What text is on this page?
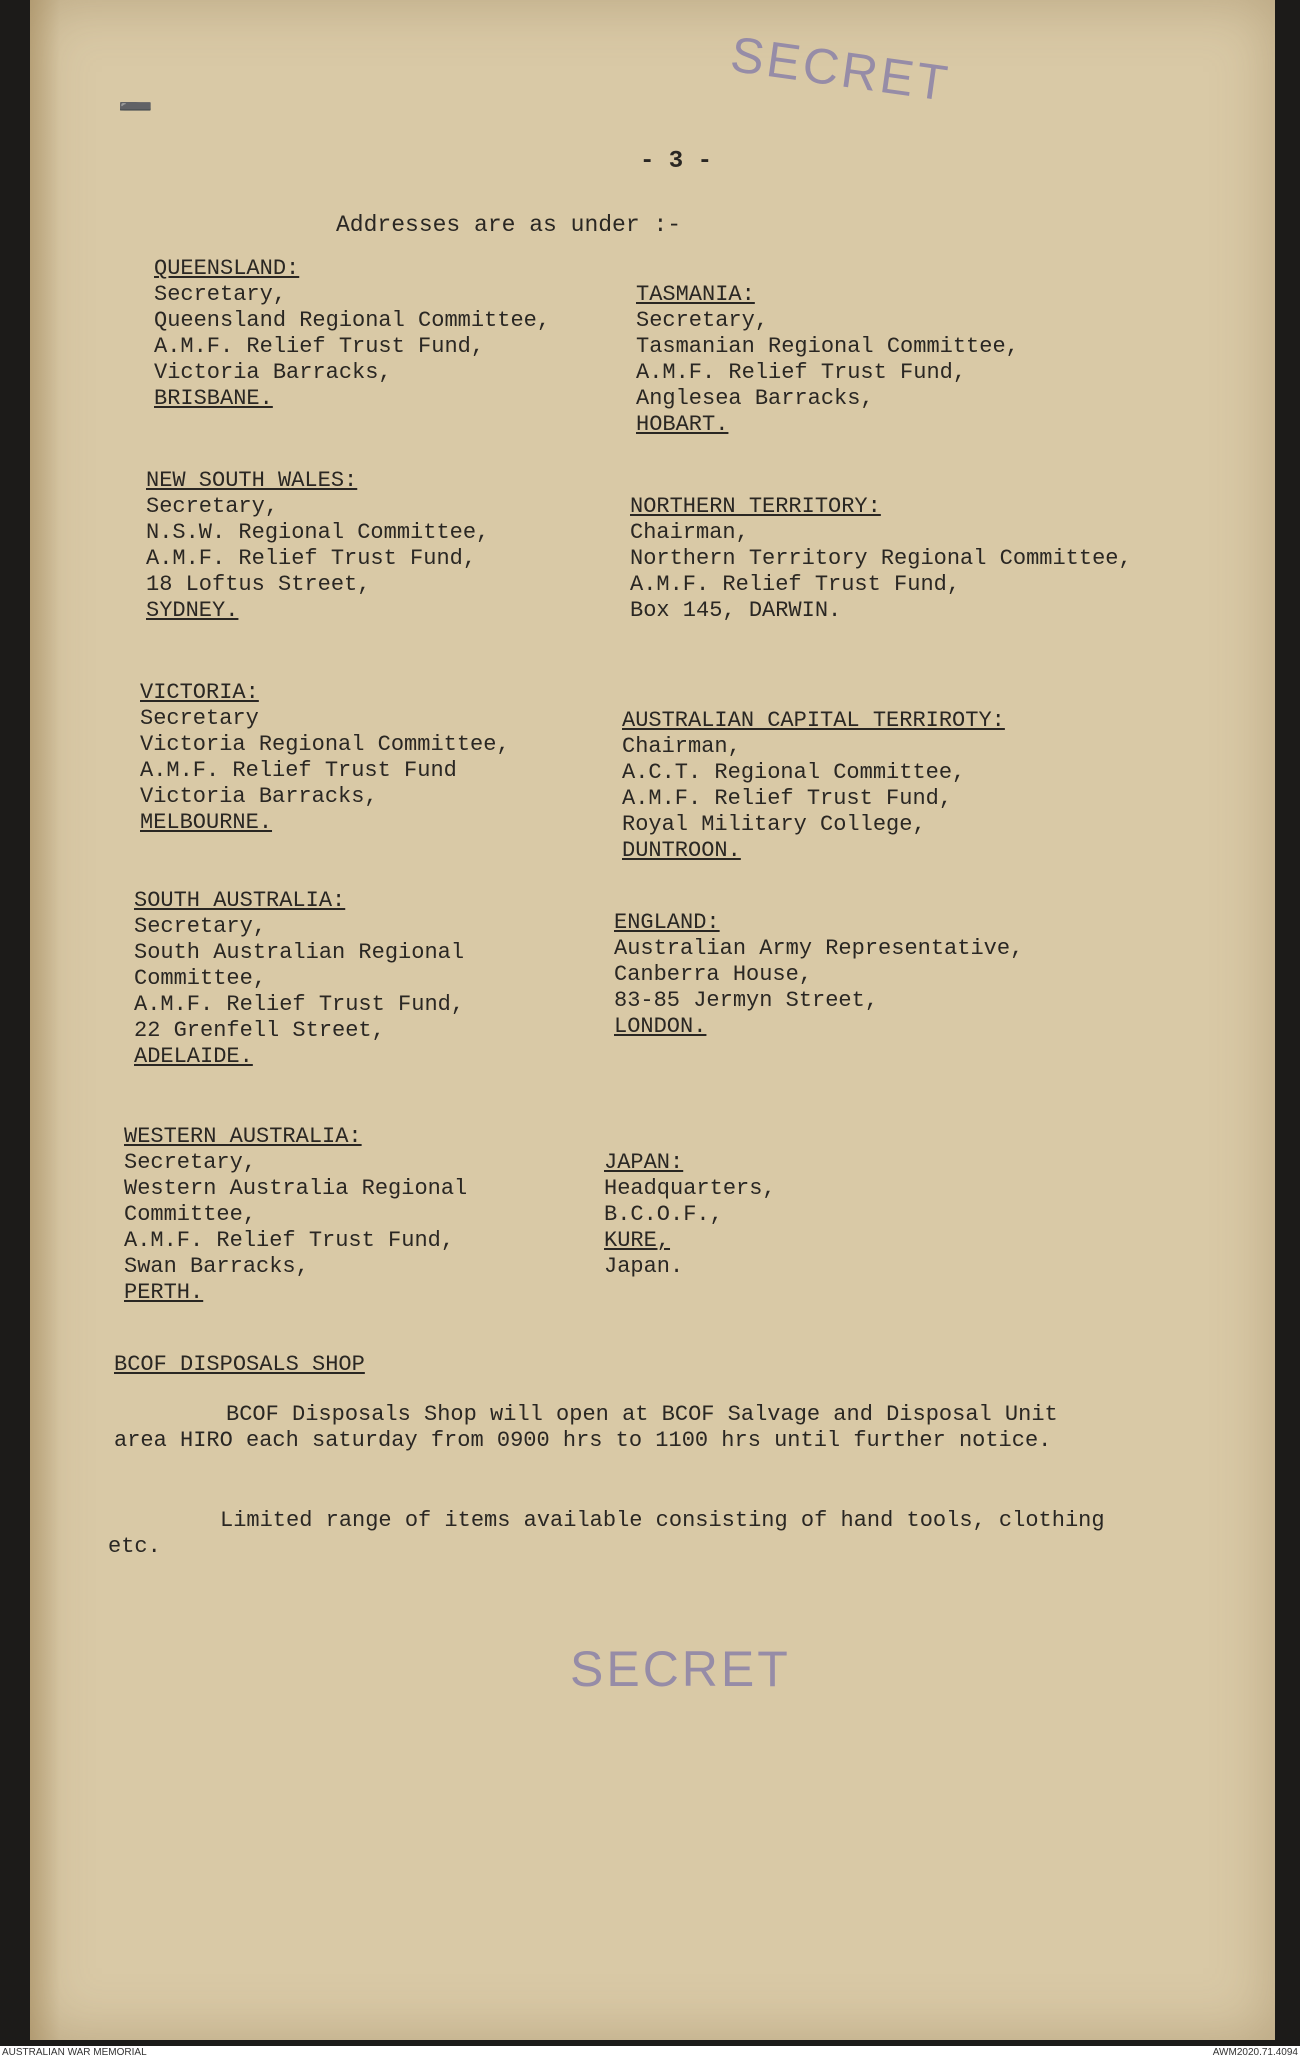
SECRET
➖
- 3 -
Addresses are as under :-
QUEENSLAND:
Secretary,
Queensland Regional Committee,
A.M.F. Relief Trust Fund,
Victoria Barracks,
BRISBANE.
NEW SOUTH WALES:
Secretary,
N.S.W. Regional Committee,
A.M.F. Relief Trust Fund,
18 Loftus Street,
SYDNEY.
VICTORIA:
Secretary
Victoria Regional Committee,
A.M.F. Relief Trust Fund
Victoria Barracks,
MELBOURNE.
SOUTH AUSTRALIA:
Secretary,
South Australian Regional
Committee,
A.M.F. Relief Trust Fund,
22 Grenfell Street,
ADELAIDE.
WESTERN AUSTRALIA:
Secretary,
Western Australia Regional
Committee,
A.M.F. Relief Trust Fund,
Swan Barracks,
PERTH.
TASMANIA:
Secretary,
Tasmanian Regional Committee,
A.M.F. Relief Trust Fund,
Anglesea Barracks,
HOBART.
NORTHERN TERRITORY:
Chairman,
Northern Territory Regional Committee,
A.M.F. Relief Trust Fund,
Box 145, DARWIN.
AUSTRALIAN CAPITAL TERRIROTY:
Chairman,
A.C.T. Regional Committee,
A.M.F. Relief Trust Fund,
Royal Military College,
DUNTROON.
ENGLAND:
Australian Army Representative,
Canberra House,
83-85 Jermyn Street,
LONDON.
JAPAN:
Headquarters,
B.C.O.F.,
KURE,
Japan.
BCOF DISPOSALS SHOP
BCOF Disposals Shop will open at BCOF Salvage and Disposal Unit
area HIRO each saturday from 0900 hrs to 1100 hrs until further notice.
Limited range of items available consisting of hand tools, clothing
etc.
SECRET
AUSTRALIAN WAR MEMORIAL	AWM2020.71.4094
